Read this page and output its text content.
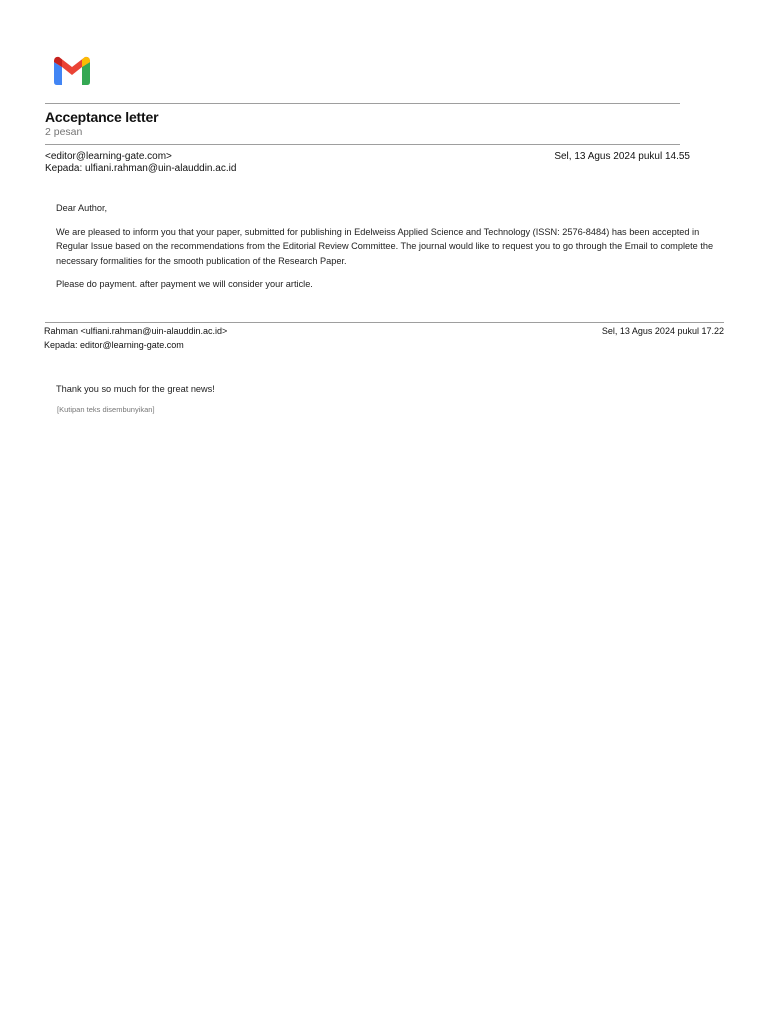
Acceptance letter
2 pesan
<editor@learning-gate.com>	Sel, 13 Agus 2024 pukul 14.55
Kepada: ulfiani.rahman@uin-alauddin.ac.id

Dear Author,

We are pleased to inform you that your paper, submitted for publishing in Edelweiss Applied Science and Technology (ISSN: 2576-8484) has been accepted in Regular Issue based on the recommendations from the Editorial Review Committee. The journal would like to request you to go through the Email to complete the necessary formalities for the smooth publication of the Research Paper.

Please do payment. after payment we will consider your article.

Rahman <ulfiani.rahman@uin-alauddin.ac.id>	Sel, 13 Agus 2024 pukul 17.22
Kepada: editor@learning-gate.com

Thank you so much for the great news!

[Kutipan teks disembunyikan]
